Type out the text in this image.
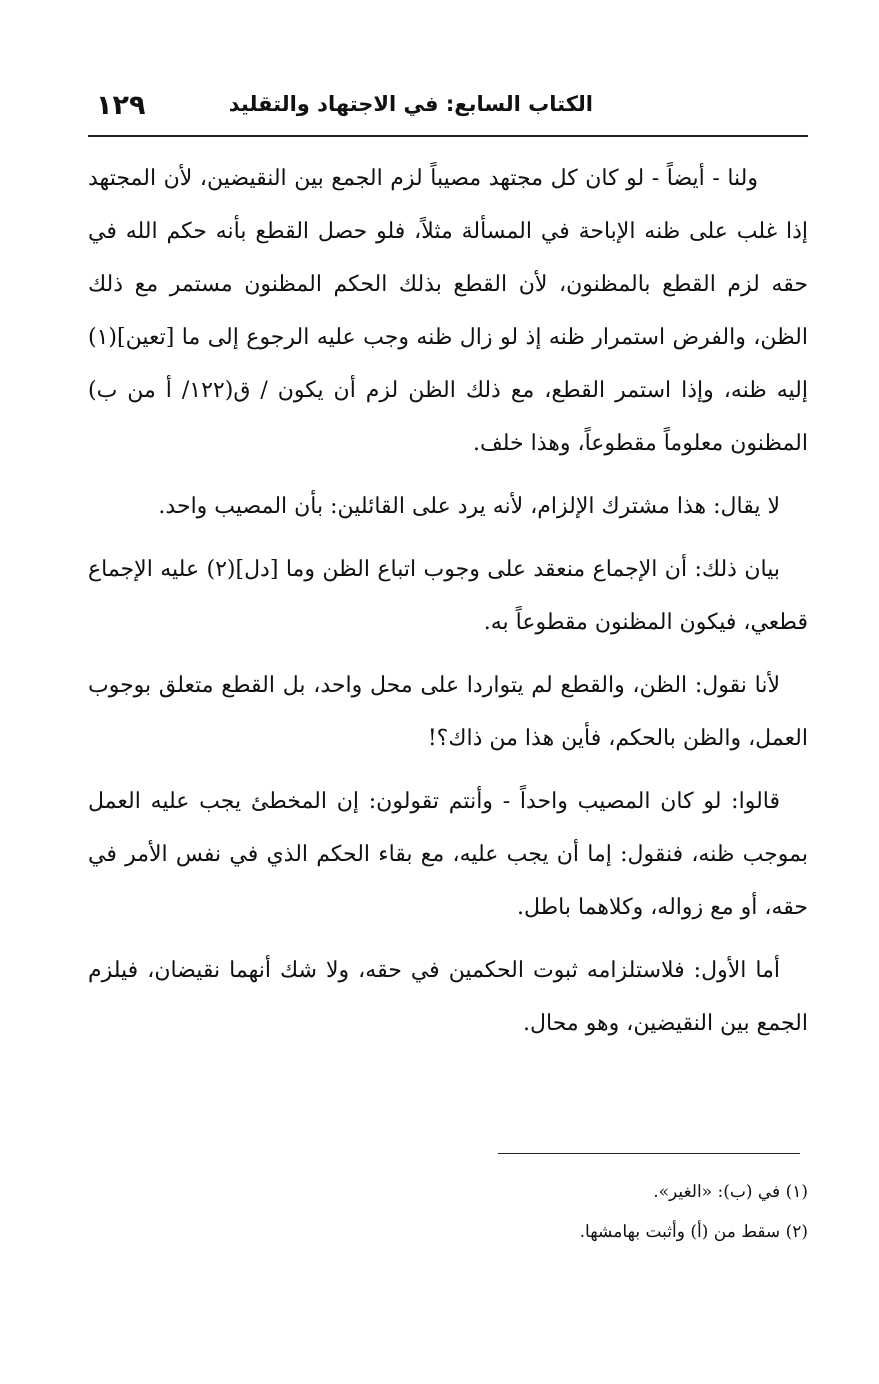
الكتاب السابع: في الاجتهاد والتقليد
١٢٩

ولنا - أيضاً - لو كان كل مجتهد مصيباً لزم الجمع بين النقيضين، لأن المجتهد إذا غلب على ظنه الإباحة في المسألة مثلاً، فلو حصل القطع بأنه حكم الله في حقه لزم القطع بالمظنون، لأن القطع بذلك الحكم المظنون مستمر مع ذلك الظن، والفرض استمرار ظنه إذ لو زال ظنه وجب عليه الرجوع إلى ما [تعين](١) إليه ظنه، وإذا استمر القطع، مع ذلك الظن لزم أن يكون / ق(١٢٢/ أ من ب) المظنون معلوماً مقطوعاً، وهذا خلف.

لا يقال: هذا مشترك الإلزام، لأنه يرد على القائلين: بأن المصيب واحد.

بيان ذلك: أن الإجماع منعقد على وجوب اتباع الظن وما [دل](٢) عليه الإجماع قطعي، فيكون المظنون مقطوعاً به.

لأنا نقول: الظن، والقطع لم يتواردا على محل واحد، بل القطع متعلق بوجوب العمل، والظن بالحكم، فأين هذا من ذاك؟!

قالوا: لو كان المصيب واحداً - وأنتم تقولون: إن المخطئ يجب عليه العمل بموجب ظنه، فنقول: إما أن يجب عليه، مع بقاء الحكم الذي في نفس الأمر في حقه، أو مع زواله، وكلاهما باطل.

أما الأول: فلاستلزامه ثبوت الحكمين في حقه، ولا شك أنهما نقيضان، فيلزم الجمع بين النقيضين، وهو محال.

(١) في (ب): «الغير».

(٢) سقط من (أ) وأثبت بهامشها.
